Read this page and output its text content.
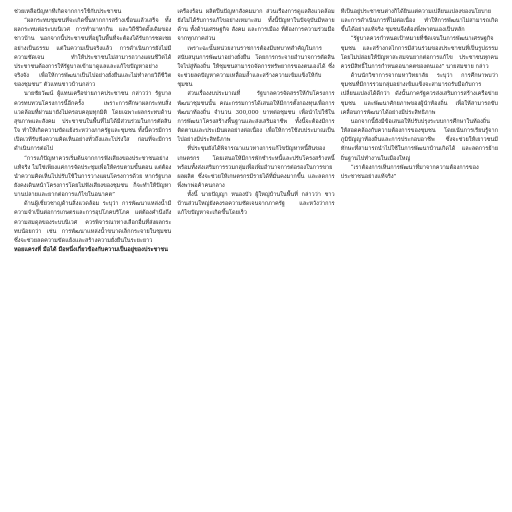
ช่วยเหลือปัญหาที่เกิดจากการใช้กับประชาชน

“ผลกระทบชุมชนที่จะเกิดขึ้นหากการสร้างเขื่อนแล้วเสร็จ ทั้งผลกระทบต่อระบบนิเวศ การทำมาหากิน และวิถีชีวิตดั้งเดิมของชาวบ้าน นอกจากนี้ประชาชนที่อยู่ในพื้นที่จะต้องได้รับการชดเชยอย่างเป็นธรรม แต่ในความเป็นจริงแล้ว การดำเนินการยังไม่มีความชัดเจน ทำให้ประชาชนไม่สามารถวางแผนชีวิตได้ ประชาชนต้องการให้รัฐบาลเข้ามาดูแลและแก้ไขปัญหาอย่างจริงจัง เพื่อให้การพัฒนาเป็นไปอย่างยั่งยืนและไม่ทำลายวิถีชีวิตของชุมชน” ตัวแทนชาวบ้านกล่าว

นายชัยวัฒน์ ผู้แทนเครือข่ายภาคประชาชน กล่าวว่า รัฐบาลควรทบทวนโครงการนี้อีกครั้ง เพราะการศึกษาผลกระทบสิ่งแวดล้อมที่ผ่านมายังไม่ครอบคลุมทุกมิติ โดยเฉพาะผลกระทบด้านสุขภาพและสังคม ประชาชนในพื้นที่ไม่ได้มีส่วนร่วมในการตัดสินใจ ทำให้เกิดความขัดแย้งระหว่างภาครัฐและชุมชน ทั้งนี้ควรมีการเปิดเวทีรับฟังความคิดเห็นอย่างทั่วถึงและโปร่งใส ก่อนที่จะมีการดำเนินการต่อไป

“การแก้ปัญหาควรเริ่มต้นจากการฟังเสียงของประชาชนอย่างแท้จริง ไม่ใช่เพียงแค่การจัดประชุมเพื่อให้ครบตามขั้นตอน แต่ต้องนำความคิดเห็นไปปรับใช้ในการวางแผนโครงการด้วย หากรัฐบาลยังคงเดินหน้าโครงการโดยไม่ฟังเสียงของชุมชน ก็จะทำให้ปัญหาบานปลายและยากต่อการแก้ไขในอนาคต”

ด้านผู้เชี่ยวชาญด้านสิ่งแวดล้อม ระบุว่า การพัฒนาแหล่งน้ำมีความจำเป็นต่อการเกษตรและการอุปโภคบริโภค แต่ต้องคำนึงถึงความสมดุลของระบบนิเวศ ควรพิจารณาทางเลือกอื่นที่ส่งผลกระทบน้อยกว่า เช่น การพัฒนาแหล่งน้ำขนาดเล็กกระจายในชุมชน ซึ่งจะช่วยลดความขัดแย้งและสร้างความยั่งยืนในระยะยาว

หอยแครงที่ มือได้ มือหนึ่งเกี่ยวข้องกับความเป็นอยู่ของประชาชน

เครื่องร้อน ผลิตปืนปัญหาสังคมมาก ส่วนเรื่องการดูแลสิ่งแวดล้อมยังไม่ได้รับการแก้ไขอย่างเหมาะสม ทั้งนี้ปัญหาในปัจจุบันมีหลายด้าน ทั้งด้านเศรษฐกิจ สังคม และการเมือง ที่ต้องการความร่วมมือจากทุกภาคส่วน

เพราะฉะนั้นหน่วยงานราชการต้องมีบทบาทสำคัญในการสนับสนุนการพัฒนาอย่างยั่งยืน โดยการกระจายอำนาจการตัดสินใจไปสู่ท้องถิ่น ให้ชุมชนสามารถจัดการทรัพยากรของตนเองได้ ซึ่งจะช่วยลดปัญหาความเหลื่อมล้ำและสร้างความเข้มแข็งให้กับชุมชน

ส่วนเรื่องงบประมาณที่ รัฐบาลควรจัดสรรให้กับโครงการพัฒนาชุมชนนั้น คณะกรรมการได้เสนอให้มีการตั้งกองทุนเพื่อการพัฒนาท้องถิ่น จำนวน 300,000 บาทต่อชุมชน เพื่อนำไปใช้ในการพัฒนาโครงสร้างพื้นฐานและส่งเสริมอาชีพ ทั้งนี้จะต้องมีการติดตามและประเมินผลอย่างต่อเนื่อง เพื่อให้การใช้งบประมาณเป็นไปอย่างมีประสิทธิภาพ

ที่ประชุมยังได้พิจารณาแนวทางการแก้ไขปัญหาหนี้สินของเกษตรกร โดยเสนอให้มีการพักชำระหนี้และปรับโครงสร้างหนี้ พร้อมทั้งส่งเสริมการรวมกลุ่มเพื่อเพิ่มอำนาจการต่อรองในการขายผลผลิต ซึ่งจะช่วยให้เกษตรกรมีรายได้ที่มั่นคงมากขึ้น และลดการพึ่งพาพ่อค้าคนกลาง

ทั้งนี้ นายปัญญา หนองบัว ผู้ใหญ่บ้านในพื้นที่ กล่าวว่า ชาวบ้านส่วนใหญ่ยังคงรอความชัดเจนจากภาครัฐ และหวังว่าการแก้ไขปัญหาจะเกิดขึ้นโดยเร็ว

ที่เป็นอยู่ประชาชนต่างก็ได้ยินแต่ความเปลี่ยนแปลงของนโยบาย และการดำเนินการที่ไม่ต่อเนื่อง ทำให้การพัฒนาไม่สามารถเกิดขึ้นได้อย่างแท้จริง ชุมชนจึงต้องพึ่งพาตนเองเป็นหลัก

“รัฐบาลควรกำหนดเป้าหมายที่ชัดเจนในการพัฒนาเศรษฐกิจชุมชน และสร้างกลไกการมีส่วนร่วมของประชาชนที่เป็นรูปธรรม โดยไม่ปล่อยให้ปัญหาสะสมจนยากต่อการแก้ไข ประชาชนทุกคนควรมีสิทธิ์ในการกำหนดอนาคตของตนเอง” นายสมชาย กล่าว

ด้านนักวิชาการจากมหาวิทยาลัย ระบุว่า การศึกษาพบว่าชุมชนที่มีการรวมกลุ่มอย่างเข้มแข็งจะสามารถรับมือกับการเปลี่ยนแปลงได้ดีกว่า ดังนั้นภาครัฐควรส่งเสริมการสร้างเครือข่ายชุมชน และพัฒนาศักยภาพของผู้นำท้องถิ่น เพื่อให้สามารถขับเคลื่อนการพัฒนาได้อย่างมีประสิทธิภาพ

นอกจากนี้ยังมีข้อเสนอให้ปรับปรุงระบบการศึกษาในท้องถิ่น ให้สอดคล้องกับความต้องการของชุมชน โดยเน้นการเรียนรู้จากภูมิปัญญาท้องถิ่นและการประกอบอาชีพ ซึ่งจะช่วยให้เยาวชนมีทักษะที่สามารถนำไปใช้ในการพัฒนาบ้านเกิดได้ และลดการย้ายถิ่นฐานไปทำงานในเมืองใหญ่

“เราต้องการเห็นการพัฒนาที่มาจากความต้องการของประชาชนอย่างแท้จริง”
